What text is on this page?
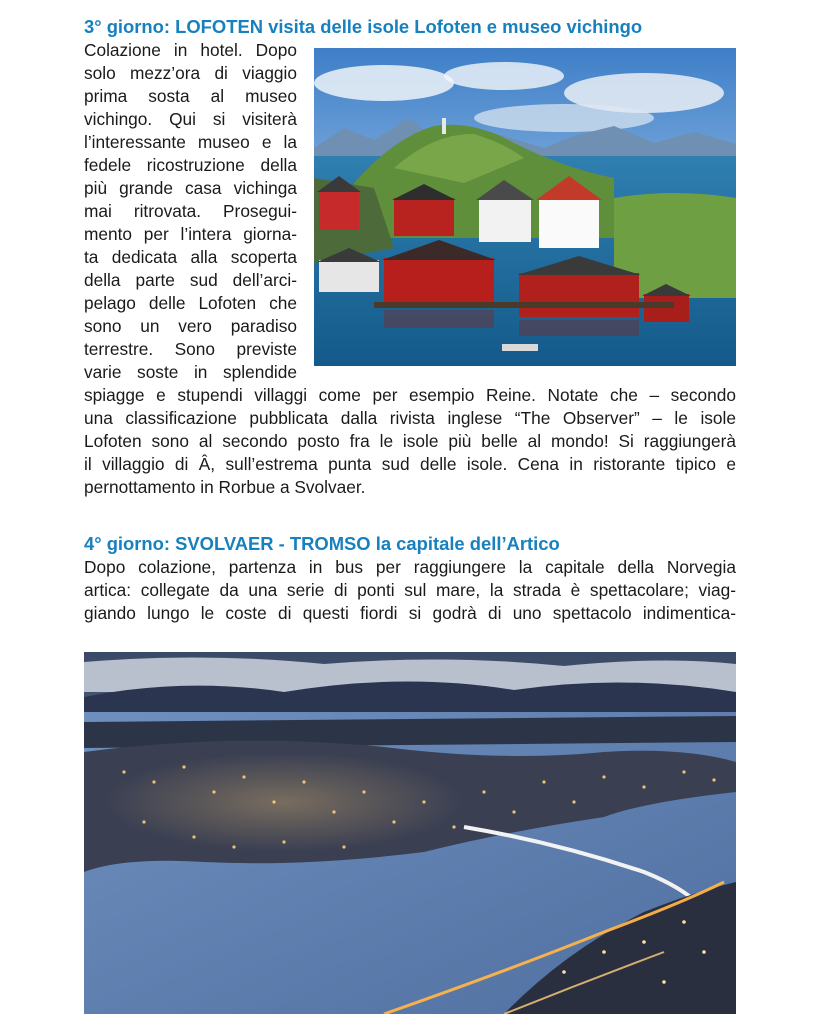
3° giorno: LOFOTEN visita delle isole Lofoten e museo vichingo
Colazione in hotel. Dopo
solo mezz’ora di viaggio
prima sosta al museo
vichingo. Qui si visiterà
l’interessante museo e la
fedele ricostruzione della
più grande casa vichinga
mai ritrovata. Prosegui-
mento per l’intera giorna-
ta dedicata alla scoperta
della parte sud dell’arci-
pelago delle Lofoten che
sono un vero paradiso
terrestre. Sono previste
varie soste in splendide
spiagge e stupendi villaggi come per esempio Reine. Notate che – secondo
una classificazione pubblicata dalla rivista inglese “The Observer” – le isole
Lofoten sono al secondo posto fra le isole più belle al mondo! Si raggiungerà
il villaggio di Â, sull’estrema punta sud delle isole. Cena in ristorante tipico e
pernottamento in Rorbue a Svolvaer.
4° giorno: SVOLVAER - TROMSO la capitale dell’Artico
Dopo colazione, partenza in bus per raggiungere la capitale della Norvegia
artica: collegate da una serie di ponti sul mare, la strada è spettacolare; viag-
giando lungo le coste di questi fiordi si godrà di uno spettacolo indimentica-
